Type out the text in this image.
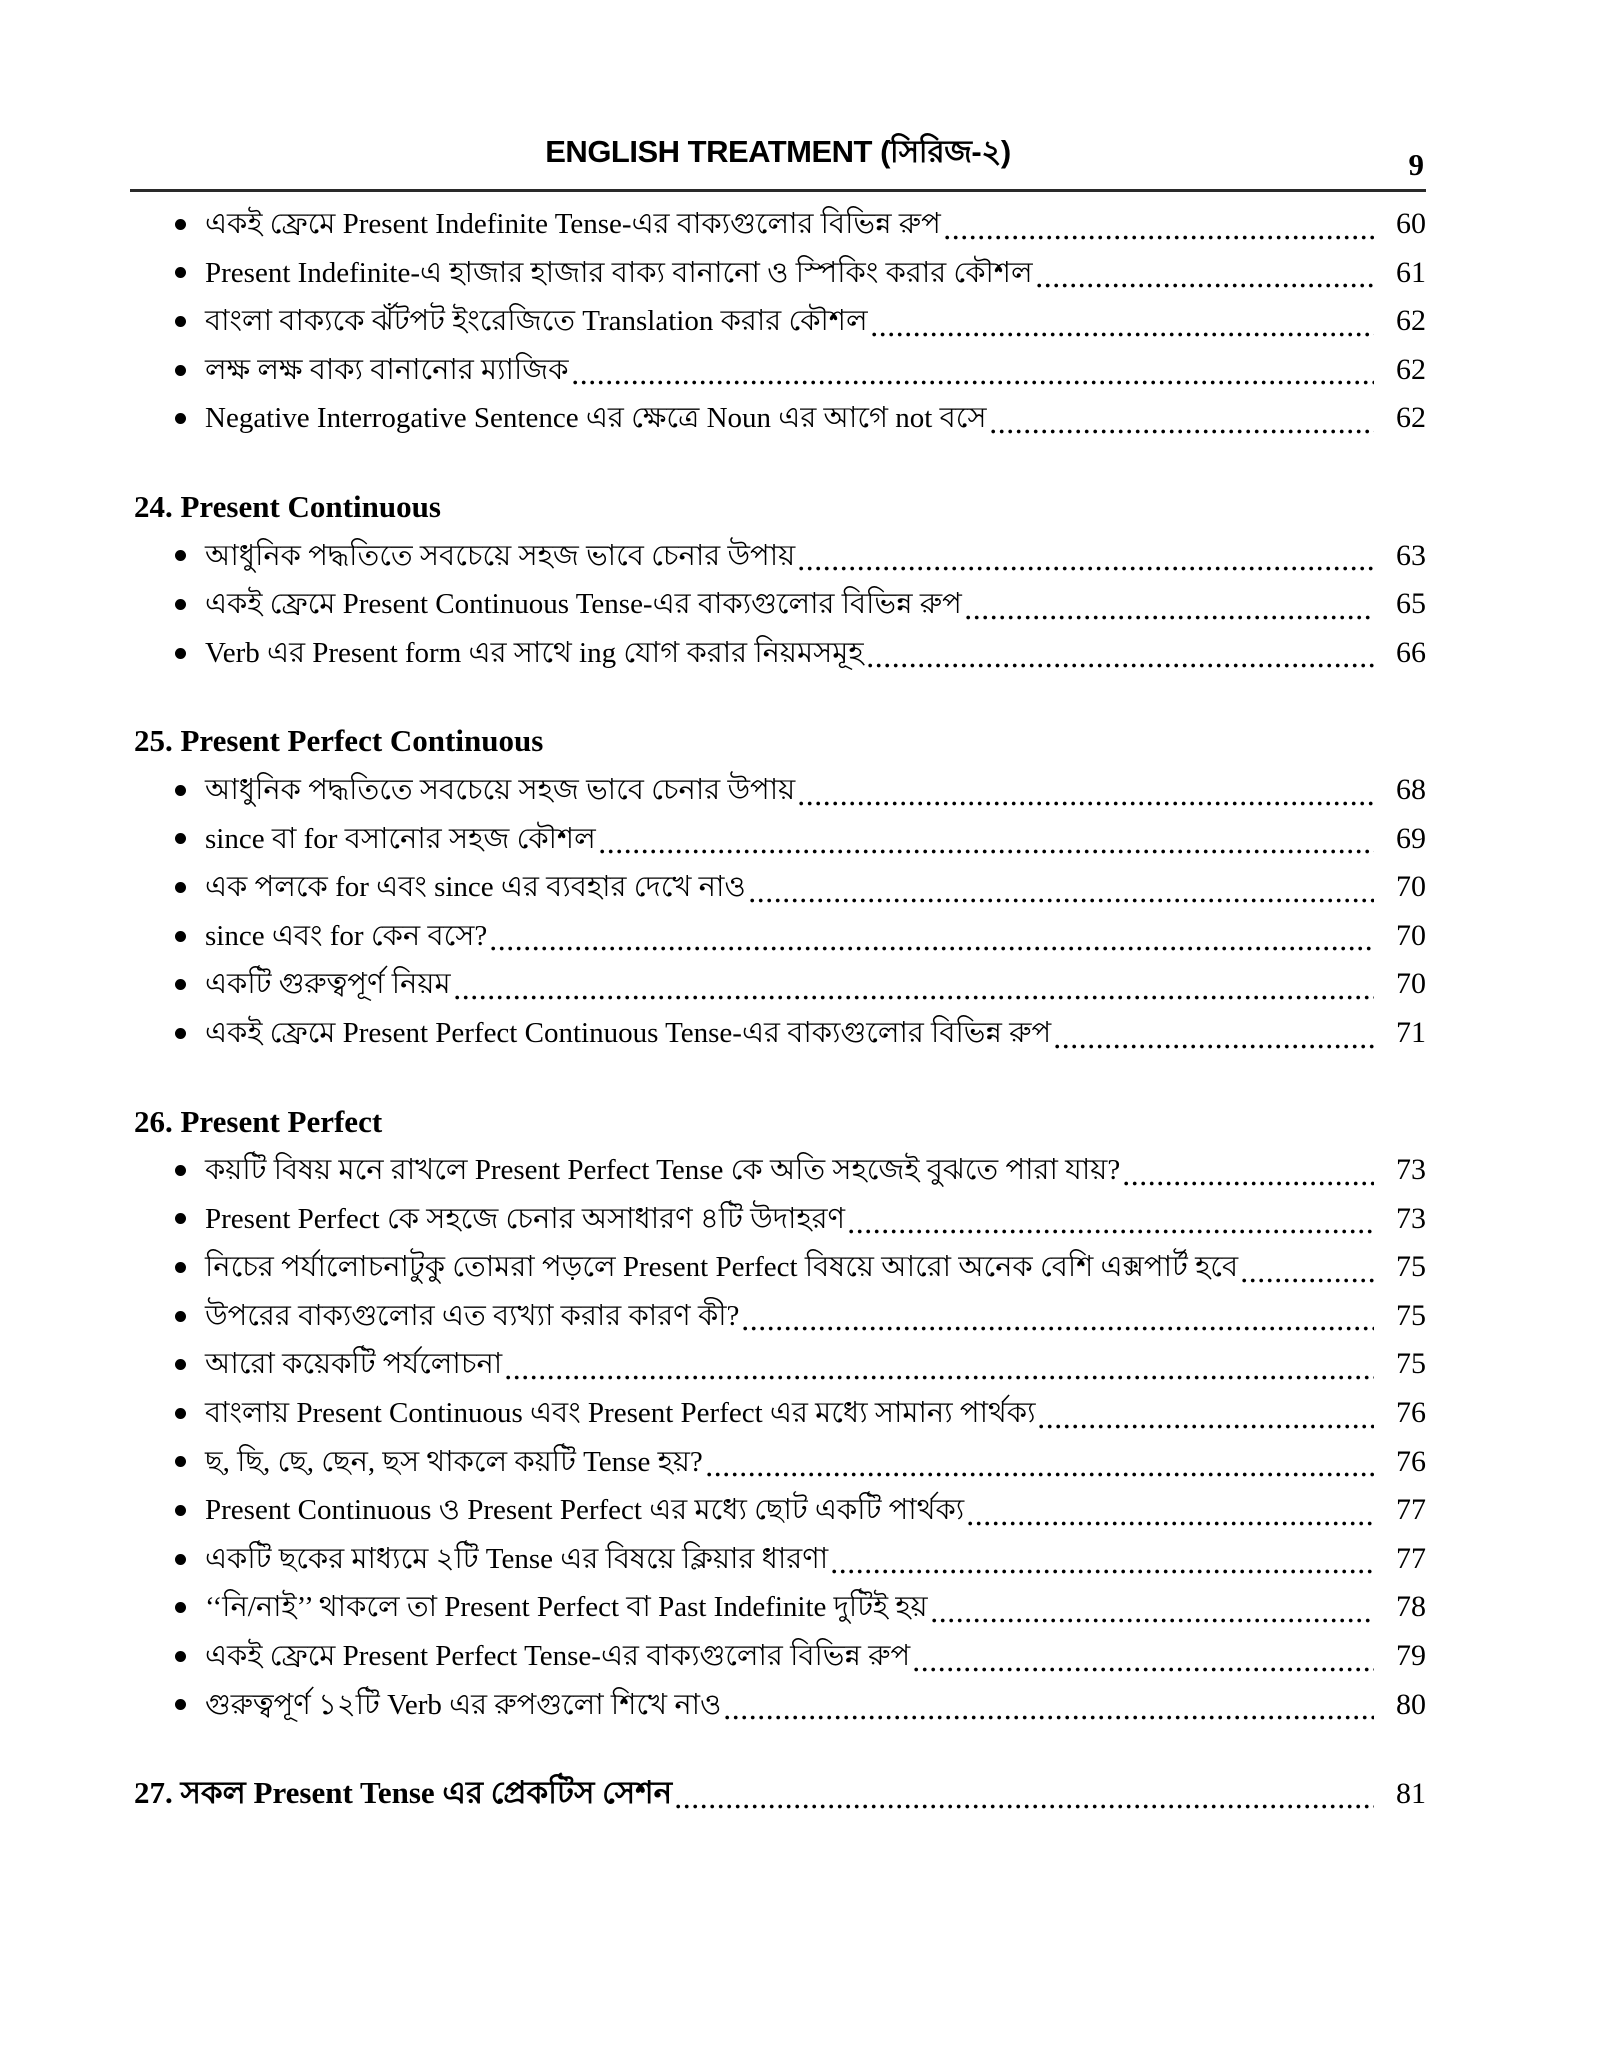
ENGLISH TREATMENT (সিরিজ-২)	9
একই ফ্রেমে Present Indefinite Tense-এর বাক্যগুলোর বিভিন্ন রুপ	60
Present Indefinite-এ হাজার হাজার বাক্য বানানো ও স্পিকিং করার কৌশল	61
বাংলা বাক্যকে ঝঁটপট ইংরেজিতে Translation করার কৌশল	62
লক্ষ লক্ষ বাক্য বানানোর ম্যাজিক	62
Negative Interrogative Sentence এর ক্ষেত্রে Noun এর আগে not বসে	62
24. Present Continuous
আধুনিক পদ্ধতিতে সবচেয়ে সহজ ভাবে চেনার উপায়	63
একই ফ্রেমে Present Continuous Tense-এর বাক্যগুলোর বিভিন্ন রুপ	65
Verb এর Present form এর সাথে ing যোগ করার নিয়মসমূহ	66
25. Present Perfect Continuous
আধুনিক পদ্ধতিতে সবচেয়ে সহজ ভাবে চেনার উপায়	68
since বা for বসানোর সহজ কৌশল	69
এক পলকে for এবং since এর ব্যবহার দেখে নাও	70
since এবং for কেন বসে?	70
একটি গুরুত্বপূর্ণ নিয়ম	70
একই ফ্রেমে Present Perfect Continuous Tense-এর বাক্যগুলোর বিভিন্ন রুপ	71
26. Present Perfect
কয়টি বিষয় মনে রাখলে Present Perfect Tense কে অতি সহজেই বুঝতে পারা যায়?	73
Present Perfect কে সহজে চেনার অসাধারণ ৪টি উদাহরণ	73
নিচের পর্যালোচনাটুকু তোমরা পড়লে Present Perfect বিষয়ে আরো অনেক বেশি এক্সপার্ট হবে	75
উপরের বাক্যগুলোর এত ব্যখ্যা করার কারণ কী?	75
আরো কয়েকটি পর্যলোচনা	75
বাংলায় Present Continuous এবং Present Perfect এর মধ্যে সামান্য পার্থক্য	76
ছ, ছি, ছে, ছেন, ছস থাকলে কয়টি Tense হয়?	76
Present Continuous ও Present Perfect এর মধ্যে ছোট একটি পার্থক্য	77
একটি ছকের মাধ্যমে ২টি Tense এর বিষয়ে ক্লিয়ার ধারণা	77
‘‘নি/নাই’’ থাকলে তা Present Perfect বা Past Indefinite দুটিই হয়	78
একই ফ্রেমে Present Perfect Tense-এর বাক্যগুলোর বিভিন্ন রুপ	79
গুরুত্বপূর্ণ ১২টি Verb এর রুপগুলো শিখে নাও	80
27. সকল Present Tense এর প্রেকটিস সেশন	81
